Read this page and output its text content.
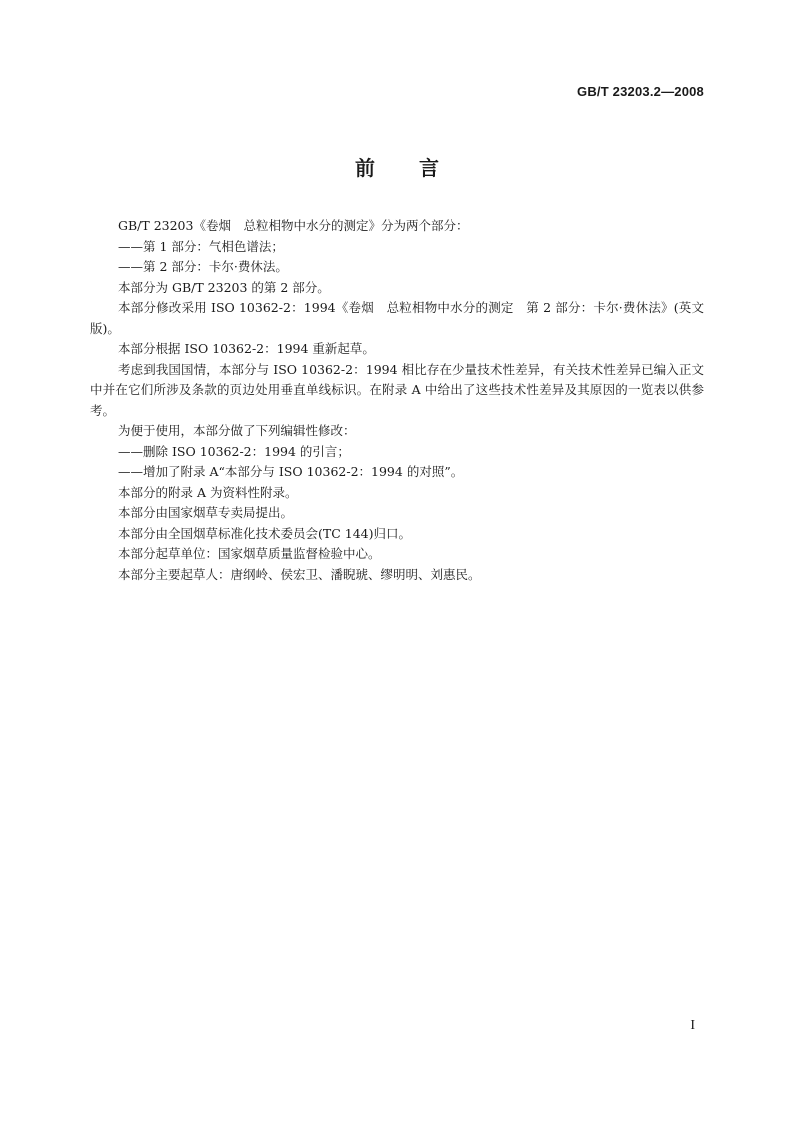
GB/T 23203.2—2008
前 言

GB/T 23203《卷烟　总粒相物中水分的测定》分为两个部分：

——第 1 部分：气相色谱法；

——第 2 部分：卡尔·费休法。

本部分为 GB/T 23203 的第 2 部分。

本部分修改采用 ISO 10362-2：1994《卷烟　总粒相物中水分的测定　第 2 部分：卡尔·费休法》(英文版)。

本部分根据 ISO 10362-2：1994 重新起草。

考虑到我国国情，本部分与 ISO 10362-2：1994 相比存在少量技术性差异，有关技术性差异已编入正文中并在它们所涉及条款的页边处用垂直单线标识。在附录 A 中给出了这些技术性差异及其原因的一览表以供参考。

为便于使用，本部分做了下列编辑性修改：

——删除 ISO 10362-2：1994 的引言；

——增加了附录 A“本部分与 ISO 10362-2：1994 的对照”。

本部分的附录 A 为资料性附录。

本部分由国家烟草专卖局提出。

本部分由全国烟草标准化技术委员会(TC 144)归口。

本部分起草单位：国家烟草质量监督检验中心。

本部分主要起草人：唐纲岭、侯宏卫、潘睨琥、缪明明、刘惠民。

I
